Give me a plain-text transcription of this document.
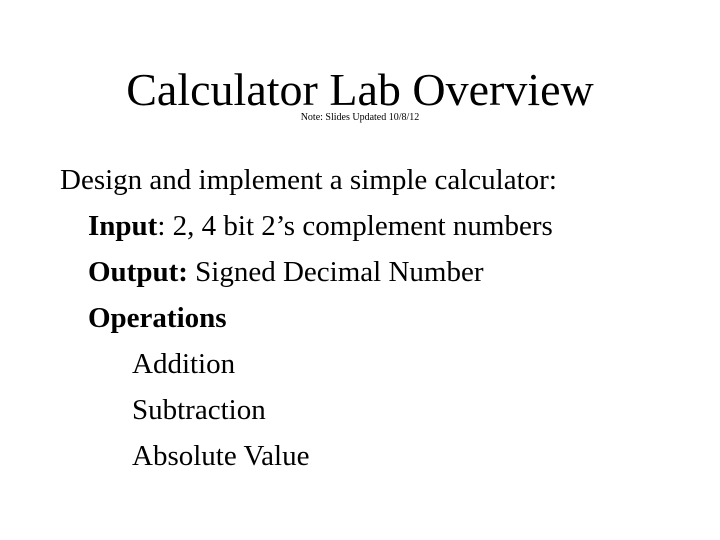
Calculator Lab Overview
Note: Slides Updated 10/8/12
Design and implement a simple calculator:
Input: 2, 4 bit 2’s complement numbers
Output: Signed Decimal Number
Operations
Addition
Subtraction
Absolute Value
